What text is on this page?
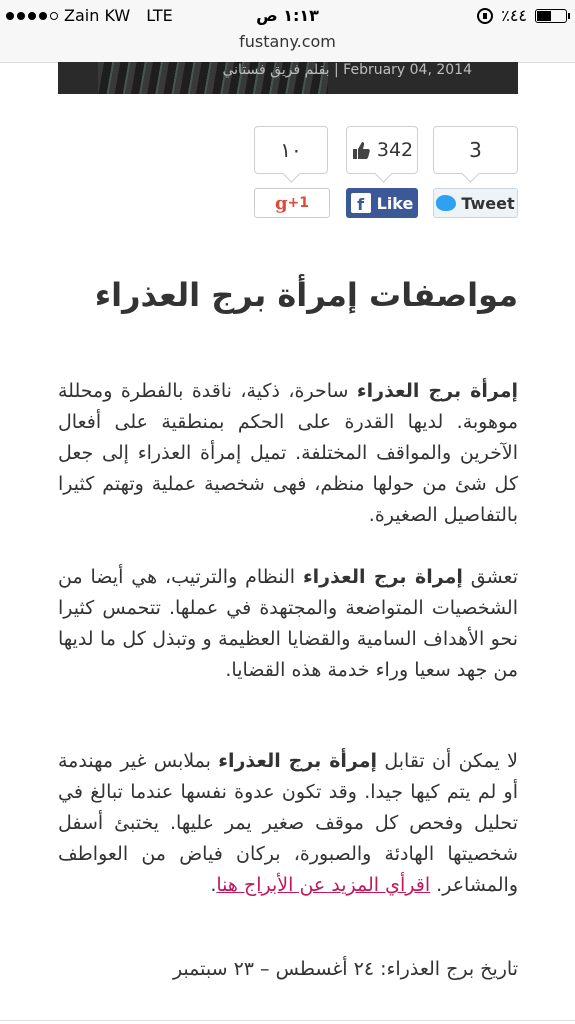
Zain KW LTE	١:١٣ ص	٪٤٤
fustany.com
بقلم فريق فستاني | February 04, 2014
١٠	342	3
g +1	f Like	Tweet
مواصفات إمرأة برج العذراء

إمرأة برج العذراء ساحرة، ذكية، ناقدة بالفطرة ومحللة موهوبة. لديها القدرة على الحكم بمنطقية على أفعال الآخرين والمواقف المختلفة. تميل إمرأة العذراء إلى جعل كل شئ من حولها منظم، فهى شخصية عملية وتهتم كثيرا بالتفاصيل الصغيرة.

تعشق إمراة برج العذراء النظام والترتيب، هي أيضا من الشخصيات المتواضعة والمجتهدة في عملها. تتحمس كثيرا نحو الأهداف السامية والقضايا العظيمة و وتبذل كل ما لديها من جهد سعيا وراء خدمة هذه القضايا.

لا يمكن أن تقابل إمرأة برج العذراء بملابس غير مهندمة أو لم يتم كيها جيدا. وقد تكون عدوة نفسها عندما تبالغ في تحليل وفحص كل موقف صغير يمر عليها. يختبئ أسفل شخصيتها الهادئة والصبورة، بركان فياض من العواطف والمشاعر. اقرأي المزيد عن الأبراج هنا.

تاريخ برج العذراء: ٢٤ أغسطس – ٢٣ سبتمبر
